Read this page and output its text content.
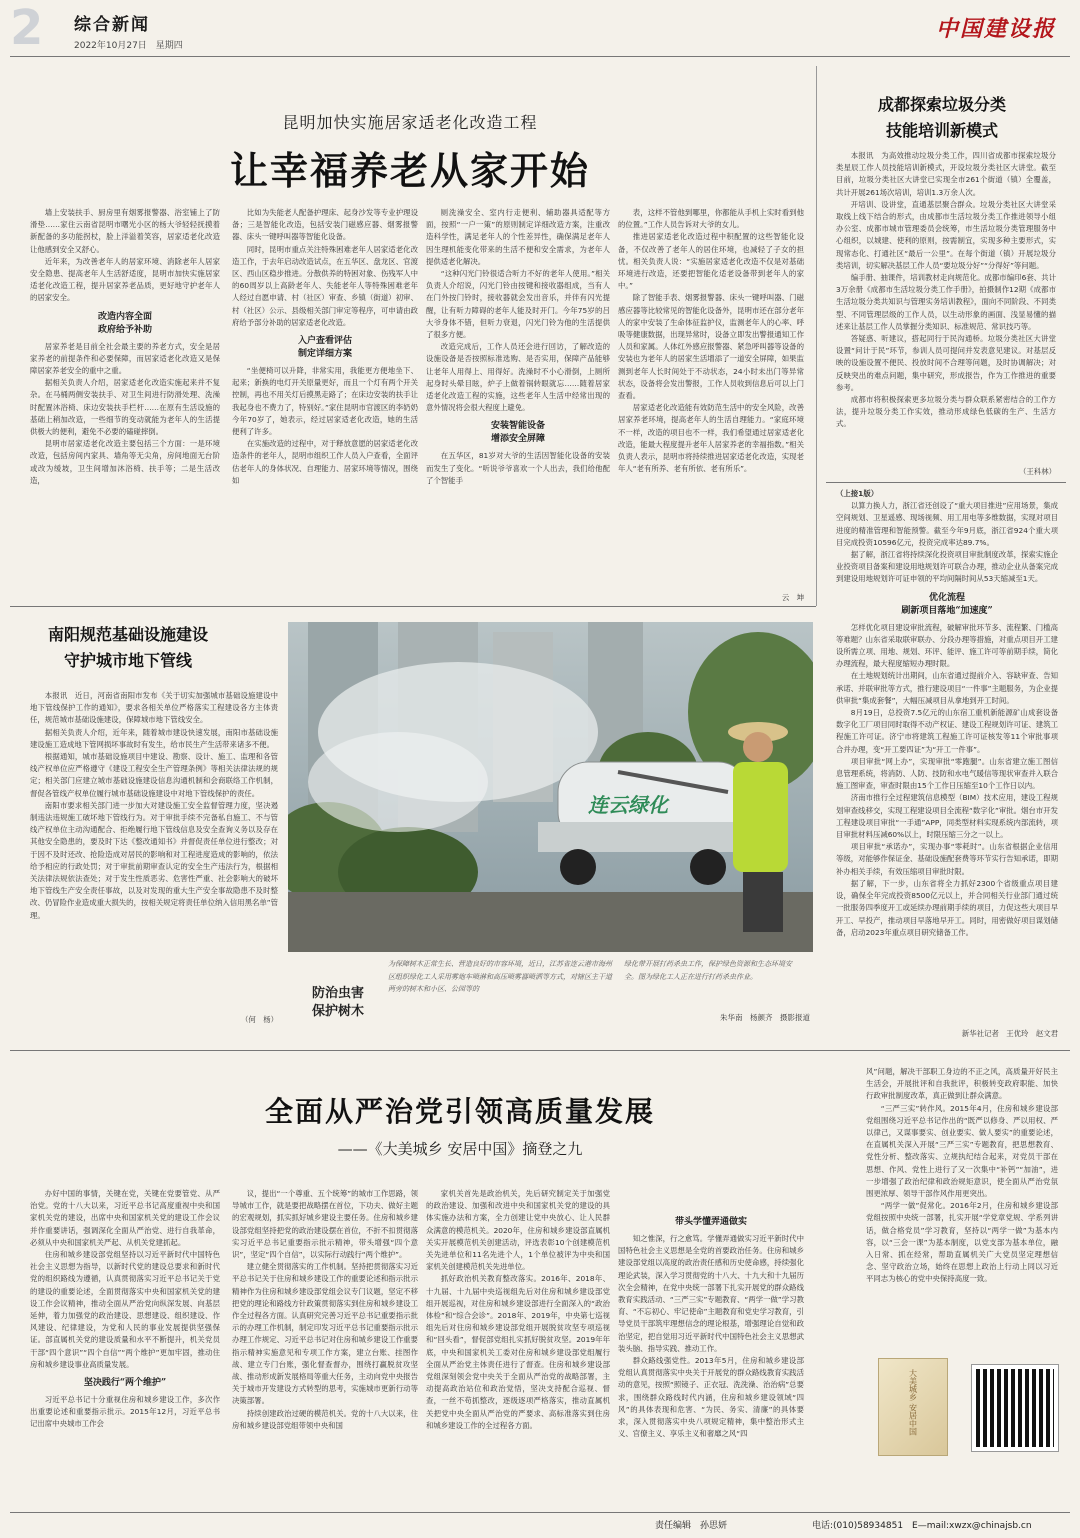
2 综合新闻
2022年10月27日　星期四
中国建设报
昆明加快实施居家适老化改造工程
让幸福养老从家开始

墙上安装扶手、厨房里有烟雾报警器、浴室铺上了防滑垫……家住云南省昆明市曙光小区的杨大爷轻轻抚摸着新配备的多功能拐杖，脸上洋溢着笑容，居家适老化改造让他感到安全又舒心。

近年来，为改善老年人的居家环境、消除老年人居家安全隐患、提高老年人生活舒适度，昆明市加快实施居家适老化改造工程，提升居家养老品质，更好地守护老年人的居家安全。

改造内容全面
政府给予补助

居家养老是目前全社会最主要的养老方式，安全是居家养老的前提条件和必要保障，而居家适老化改造又是保障居家养老安全的重中之重。

据相关负责人介绍，居家适老化改造实施起来并不复杂。在马桶两侧安装扶手、对卫生间进行防滑处理、洗澡时配置沐浴椅、床边安装扶手栏杆……在原有生活设施的基础上稍加改造，一些细节的变动就能为老年人的生活提供极大的便利，避免不必要的磕碰摔倒。

昆明市居家适老化改造主要包括三个方面：一是环境改造，包括房间内家具、墙角等无尖角，房间地面无台阶或改为缓坡，卫生间增加沐浴椅、扶手等；二是生活改造，

比如为失能老人配备护理床、起身沙发等专业护理设备；三是智能化改造，包括安装门磁感应器、烟雾报警器、床头一键呼叫器等智能化设备。

同时，昆明市重点关注特殊困难老年人居家适老化改造工作，于去年启动改造试点，在五华区、盘龙区、官渡区、西山区稳步推进。分散供养的特困对象、伤残军人中的60周岁以上高龄老年人、失能老年人等特殊困难老年人经过自愿申请、村（社区）审查、乡镇（街道）初审、村（社区）公示、县级相关部门审定等程序，可申请由政府给予部分补助的居家适老化改造。

入户查看评估
制定详细方案

“坐便椅可以升降，非常实用，我能更方便地坐下、起来；新换的电灯开关原量更好，而且一个灯有两个开关控制，再也不用关灯后摸黑走路了；在床边安装的扶手让我起身也不费力了，特别好。”家住昆明市官渡区的李奶奶今年70岁了，她表示，经过居家适老化改造，她的生活便利了许多。

在实施改造的过程中，对于释放意愿的居家适老化改造条件的老年人，昆明市组织工作人员入户查看，全面评估老年人的身体状况、自理能力、居家环境等情况，围绕如

厕洗澡安全、室内行走便利、辅助器具适配等方面，按照“一户一策”的原则制定详细改造方案，注重改造科学性，满足老年人的个性差异性，确保满足老年人因生理机能变化带来的生活不便和安全需求，为老年人提供适老化解决。

“这种闪光门铃很适合听力不好的老年人使用。”相关负责人介绍说，闪光门铃由按键和接收器组成，当有人在门外按门铃时，接收器就会发出音乐，并伴有闪光提醒，让有听力障碍的老年人能及时开门。今年75岁的吕大爷身体不错，但听力衰退，闪光门铃为他的生活提供了很多方便。

改造完成后，工作人员还会进行回访，了解改造的设施设备是否按照标准选购、是否实用，保障产品能够让老年人用得上、用得好。洗澡时不小心滑倒，上厕所起身时头晕目眩，炉子上做着锅转眼就忘……随着居家适老化改造工程的实施，这些老年人生活中经常出现的意外情况将会很大程度上避免。

安装智能设备
增添安全屏障

在五华区，81岁对大爷的生活因智能化设备的安装而发生了变化。“听说爷爷喜欢一个人出去，我们给他配了个智能手

表，这样不管他到哪里，你都能从手机上实时看到他的位置。”工作人员告诉对大爷的女儿。

推进居家适老化改造过程中积配置的这些智能化设备，不仅改善了老年人的居住环境，也减轻了子女的担忧。相关负责人说：“实施居家适老化改造不仅是对基础环境进行改造，还要把智能化适老设备带到老年人的家中。”

除了智能手表、烟雾报警器、床头一键呼叫器、门磁感应器等比较常见的智能化设备外，昆明市还在部分老年人的家中安装了生命体征监护仪，监测老年人的心率、呼吸等健康数据，出现异常时，设备立即发出警报通知工作人员和家属。人体红外感应报警器、紧急呼叫器等设备的安装也为老年人的居家生活增添了一道安全屏障，如果监测到老年人长时间处于不动状态，24小时未出门等异常状态，设备将会发出警报，工作人员收到信息后可以上门查看。

居家适老化改造能有效防范生活中的安全风险，改善居家养老环境，提高老年人的生活自理能力。“家庭环境不一样，改造的项目也不一样，我们希望通过居家适老化改造，能最大程度提升老年人居家养老的幸福指数。”相关负责人表示，昆明市将持续推进居家适老化改造，实现老年人“老有所养、老有所依、老有所乐”。

云　坤
成都探索垃圾分类
技能培训新模式

本报讯　为高效推动垃圾分类工作，四川省成都市探索垃圾分类星辰工作人员技能培训新模式，开设垃圾分类社区大讲堂。截至目前，垃圾分类社区大讲堂已实现全市261个街道（镇）全覆盖，共计开展261场次培训，培训1.3万余人次。

开培训、设讲堂，直通基层聚合群众。垃圾分类社区大讲堂采取线上线下结合的形式，由成都市生活垃圾分类工作推进领导小组办公室、成都市城市管理委员会统筹，市生活垃圾分类管理服务中心组织，以城建、使利的原则，按需制宜，实现多种主要形式，实现常态化、打通社区“最后一公里”。在每个街道（镇）开展垃圾分类培训，切实解决基层工作人员“要垃圾分好”“分得好”等问题。

编手册、抽课件，培训教材走向规范化。成都市编印6套、共计3万余册《成都市生活垃圾分类工作手册》，拍摄制作12期《成都市生活垃圾分类共知识与管理实务培训教程》，面向不同阶段、不同类型、不同管理层级的工作人员，以生动形象的画面、浅显易懂的描述来让基层工作人员掌握分类知识、标准规范、常识技巧等。

答疑惑、听建议，搭起同行于民沟通桥。垃圾分类社区大讲堂设置“问计于民”环节，参训人员可提问并发表意见建议。对基层反映的设施设置不便民、投放时间不合理等问题，及时协调解决；对反映突出的难点问题，集中研究，形成报告，作为工作推进的重要参考。

成都市将积极探索更多垃圾分类与群众联系紧密结合的工作方法，提升垃圾分类工作实效，推动形成绿色低碳的生产、生活方式。

（王科林）
（上接1版）

以算力换人力，浙江省还创设了“重大项目推进”应用场景，集成空间规划、卫星遥感、现场视频、用工用电等多维数据，实现对项目进度的精准管理和智能预警。截至今年9月底，浙江省924个重大项目完成投资10596亿元，投资完成率达89.7%。

据了解，浙江省将持续深化投资项目审批制度改革，探索实施企业投资项目备案和建设用地规划许可联合办理，推动企业从备案完成到建设用地规划许可证申领的平均间隔时间从53天缩减至1天。

优化流程
刷新项目落地“加速度”

怎样优化项目建设审批流程，破解审批环节多、流程繁、门槛高等难题？山东省采取联审联办、分段办理等措施，对重点项目开工建设所需立项、用地、规划、环评、能评、施工许可等前期手续，简化办理流程，最大程度缩短办理时限。

在土地规划统计出期间，山东省通过提前介入、容缺审查、告知承诺、并联审批等方式，推行建设项目“一件事”主题服务，为企业提供审批“集成套餐”，大幅压减项目从拿地到开工时间。

8月19日，总投资7.5亿元的山东宿工重机新能源矿山成套设备数字化工厂项目同时取得不动产权证、建设工程规划许可证、建筑工程施工许可证。济宁市将建筑工程施工许可证核发等11个审批事项合并办理，变“开工要四证”为“开工一件事”。

项目审批“网上办”，实现审批“零跑腿”。山东省建立施工图信息管理系统，将消防、人防、技防和水电气暖信等现状审查并入联合施工图审查，审查时限由15个工作日压缩至10个工作日以内。

济南市推行全过程建筑信息模型（BIM）技术应用，建设工程规划审查线移交，实现工程建设项目全流程“数字化”审批。烟台市开发工程建设项目审批“一手通”APP，同类型材料实现系统内部流转，项目审批材料压减60%以上，时限压缩三分之一以上。

项目审批“承诺办”，实现办事“零耗时”。山东省根据企业信用等级，对能够作保证金、基础设施配套费等环节实行告知承诺，即期补办相关手续，有效压缩项目审批时限。

据了解，下一步，山东省将全力抓好2300个省级重点项目建设，确保全年完成投资8500亿元以上，并合同相关行业部门通过统一批服务四季度开工或延续办理前期手续的项目，力促这些大项目早开工、早投产，推动项目早落地早开工。同时，用密做好项目谋划储备，启动2023年重点项目研究储备工作。

新华社记者　王优玲　赵文君
南阳规范基础设施建设
守护城市地下管线

本报讯　近日，河南省南阳市发布《关于切实加强城市基础设施建设中地下管线保护工作的通知》，要求各相关单位严格落实工程建设各方主体责任，规范城市基础设施建设，保障城市地下管线安全。

据相关负责人介绍，近年来，随着城市建设快速发展，南阳市基础设施建设施工造成地下管网损坏事故时有发生，给市民生产生活带来诸多不便。

根据通知，城市基础设施项目中建设、勘察、设计、施工、监理和各管线产权单位应严格遵守《建设工程安全生产管理条例》等相关法律法规的规定；相关部门应建立城市基础设施建设信息沟通机制和会商联络工作机制，督促各管线产权单位履行城市基础设施建设中对地下管线保护的责任。

南阳市要求相关部门进一步加大对建设施工安全监督管理力度，坚决遏制违法违规施工破坏地下管线行为。对于审批手续不完备私自施工、不与管线产权单位主动沟通配合、拒绝履行地下管线信息及安全查询义务以及存在其他安全隐患的，要及时下达《整改通知书》并督促责任单位进行整改；对于因不及时还改、抢险造成对居民的影响和对工程进度造成的影响的，依法给予相应的行政处罚；对于审批前期审查认定的安全生产违法行为，根据相关法律法规依法查处；对于发生性质恶劣、危害性严重、社会影响大的破坏地下管线生产安全责任事故，以及对发现的重大生产安全事故隐患不及时整改、仍冒险作业造成重大损失的，按相关规定将责任单位纳入信用黑名单”管理。

（何　杨）
连云绿化
防治虫害
保护树木
为保障树木正常生长、营造良好的市容环境，近日，江苏省连云港市海州区组织绿化工人采用雾炮车喷淋和高压喷雾器喷洒等方式，对辖区主干道两旁的树木和小区、公园等的
绿化带开展打药杀虫工作，保护绿色资源和生态环境安全。图为绿化工人正在进行打药杀虫作业。
朱华南　杨颜齐　摄影报道
全面从严治党引领高质量发展
——《大美城乡 安居中国》摘登之九

办好中国的事情，关键在党，关键在党要管党、从严治党。党的十八大以来，习近平总书记高度重视中央和国家机关党的建设，出席中央和国家机关党的建设工作会议并作重要讲话，强调深化全面从严治党、进行自我革命，必须从中央和国家机关严起、从机关党建抓起。

住房和城乡建设部党组坚持以习近平新时代中国特色社会主义思想为指导，以新时代党的建设总要求和新时代党的组织路线为遵循，认真贯彻落实习近平总书记关于党的建设的重要论述，全面贯彻落实中央和国家机关党的建设工作会议精神，推动全面从严治党向纵深发展、向基层延伸，着力加强党的政治建设、思想建设、组织建设、作风建设、纪律建设，为党和人民的事业发展提供坚强保证。部直属机关党的建设质量和水平不断提升，机关党员干部“四个意识”“四个自信”“两个维护”更加牢固，推动住房和城乡建设事业高质量发展。

坚决践行“两个维护”

习近平总书记十分重视住房和城乡建设工作，多次作出重要论述和重要指示批示。2015年12月，习近平总书记出席中央城市工作会

议，提出“一个尊重、五个统筹”的城市工作思路，领导城市工作，就是要把战略摆在首位，下功夫、做好主题的宏观规划，抓实抓好城乡建设主要任务。住房和城乡建设部党组坚持把党的政治建设摆在首位，不折不扣贯彻落实习近平总书记重要指示批示精神，带头增强“四个意识”，坚定“四个自信”，以实际行动践行“两个维护”。

建立健全贯彻落实的工作机制。坚持把贯彻落实习近平总书记关于住房和城乡建设工作的重要论述和指示批示精神作为住房和城乡建设部党组会议专门议题，坚定不移把党的理论和路线方针政策贯彻落实到住房和城乡建设工作全过程各方面。认真研究完善习近平总书记重要指示批示的办理工作机制，制定印发习近平总书记重要指示批示办理工作规定、习近平总书记对住房和城乡建设工作重要指示精神实施意见和专项工作方案，建立台账、挂图作战、建立专门台账，强化督查督办，围绕打赢脱贫攻坚战、推动形成新发展格局等重大任务，主动向党中央报告关于城市开发建设方式转型的思考，实施城市更新行动等决策部署。

持续创建政治过硬的模范机关。党的十八大以来，住房和城乡建设部党组带领中央和国

家机关首先是政治机关，先后研究制定关于加强党的政治建设、加强和改进中央和国家机关党的建设的具体实施办法和方案，全力创建让党中央放心、让人民群众满意的模范机关。2020年，住房和城乡建设部直属机关实开展模范机关创建活动，评选表彰10个创建模范机关先进单位和11名先进个人，1个单位被评为中央和国家机关创建模范机关先进单位。

抓好政治机关教育整改落实。2016年、2018年、十九届、十九届中央巡视组先后对住房和城乡建设部党组开展巡视，对住房和城乡建设部进行全面深入的“政治体检”和“综合会诊”。2018年、2019年，中央第七巡视组先后对住房和城乡建设部党组开展脱贫攻坚专项巡视和“回头看”，督促部党组扎实抓好脱贫攻坚。2019年年底，中央和国家机关工委对住房和城乡建设部党组履行全面从严治党主体责任进行了督查。住房和城乡建设部党组深刻领会党中央关于全面从严治党的战略部署，主动提高政治站位和政治觉悟，坚决支持配合巡视、督查，一丝不苟抓整改，逐级逐项严格落实，推动直属机关把党中央全面从严治党的严要求、高标准落实到住房和城乡建设工作的全过程各方面。

带头学懂弄通做实

知之惟深，行之愈笃。学懂弄通做实习近平新时代中国特色社会主义思想是全党的首要政治任务。住房和城乡建设部党组以高度的政治责任感和历史使命感，持续强化理论武装，深入学习贯彻党的十八大、十九大和十九届历次全会精神，在党中央统一部署下扎实开展党的群众路线教育实践活动、“三严三实”专题教育、“两学一做”学习教育、“不忘初心、牢记使命”主题教育和党史学习教育，引导党员干部筑牢理想信念的理论根基，增强理论自觉和政治坚定，把自觉用习近平新时代中国特色社会主义思想武装头脑、指导实践、推动工作。

群众路线强党性。2013年5月，住房和城乡建设部党组认真贯彻落实中央关于开展党的群众路线教育实践活动的意见，按照“照镜子、正衣冠、洗洗澡、治治病”总要求，围绕群众路线时代内涵，住房和城乡建设领域“四风”的具体表现和危害、“为民、务实、清廉”的具体要求，深入贯彻落实中央八项规定精神，集中整治形式主义、官僚主义、享乐主义和奢靡之风“四

风”问题，解决干部职工身边的不正之风，高质量开好民主生活会，开展批评和自我批评，积极转变政府职能、加快行政审批制度改革，真正做到让群众满意。

“三严三实”转作风。2015年4月，住房和城乡建设部党组围绕习近平总书记作出的“既严以修身、严以用权、严以律己，又谋事要实、创业要实、做人要实”的重要论述，在直属机关深入开展“三严三实”专题教育，把思想教育、党性分析、整改落实、立规执纪结合起来，对党员干部在思想、作风、党性上进行了又一次集中“补钙”“加油”，进一步增强了政治纪律和政治规矩意识，使全面从严治党氛围更浓厚、领导干部作风作用更突出。

“两学一做”促常化。2016年2月，住房和城乡建设部党组按照中央统一部署，扎实开展“学党章党规、学系列讲话，做合格党员”学习教育，坚持以“两学一做”为基本内容，以“三会一课”为基本制度，以党支部为基本单位，融入日常、抓在经常，帮助直属机关广大党员坚定理想信念、坚守政治立场，始终在思想上政治上行动上同以习近平同志为核心的党中央保持高度一致。

大美城乡 安居中国
责任编辑　孙思妍	电话:(010)58934851　E—mail:xwzx@chinajsb.cn
